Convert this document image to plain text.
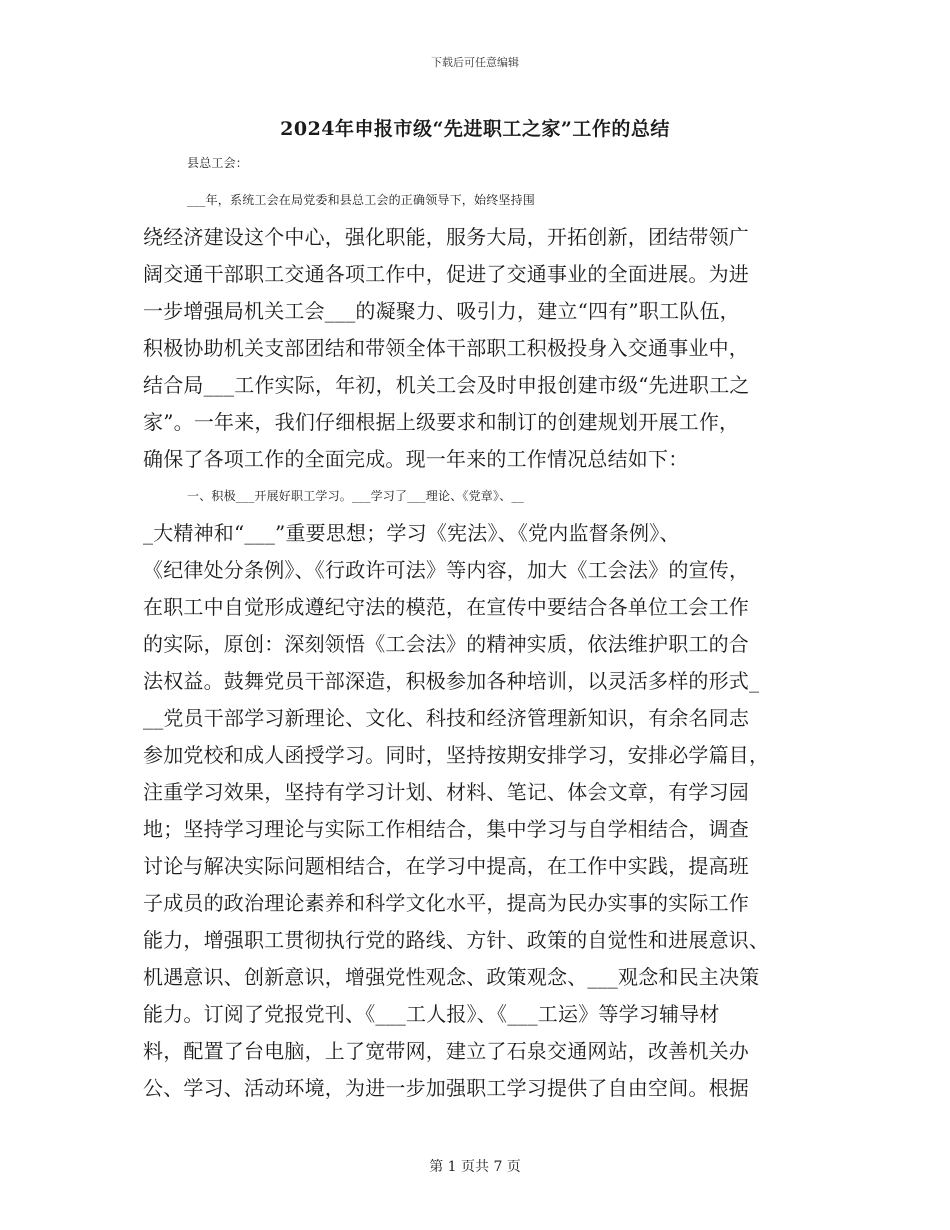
下载后可任意编辑
2024年申报市级“先进职工之家”工作的总结
县总工会：
___年，系统工会在局党委和县总工会的正确领导下，始终坚持围
绕经济建设这个中心，强化职能，服务大局，开拓创新，团结带领广
阔交通干部职工交通各项工作中，促进了交通事业的全面进展。为进
一步增强局机关工会___的凝聚力、吸引力，建立“四有”职工队伍，
积极协助机关支部团结和带领全体干部职工积极投身入交通事业中，
结合局___工作实际，年初，机关工会及时申报创建市级“先进职工之
家”。一年来，我们仔细根据上级要求和制订的创建规划开展工作，
确保了各项工作的全面完成。现一年来的工作情况总结如下：
一、积极___开展好职工学习。___学习了___理论、《党章》、__
_大精神和“___”重要思想；学习《宪法》、《党内监督条例》、
《纪律处分条例》、《行政许可法》等内容，加大《工会法》的宣传，
在职工中自觉形成遵纪守法的模范，在宣传中要结合各单位工会工作
的实际，原创：深刻领悟《工会法》的精神实质，依法维护职工的合
法权益。鼓舞党员干部深造，积极参加各种培训，以灵活多样的形式_
__党员干部学习新理论、文化、科技和经济管理新知识，有余名同志
参加党校和成人函授学习。同时，坚持按期安排学习，安排必学篇目，
注重学习效果，坚持有学习计划、材料、笔记、体会文章，有学习园
地；坚持学习理论与实际工作相结合，集中学习与自学相结合，调查
讨论与解决实际问题相结合，在学习中提高，在工作中实践，提高班
子成员的政治理论素养和科学文化水平，提高为民办实事的实际工作
能力，增强职工贯彻执行党的路线、方针、政策的自觉性和进展意识、
机遇意识、创新意识，增强党性观念、政策观念、___观念和民主决策
能力。订阅了党报党刊、《___工人报》、《___工运》等学习辅导材
料，配置了台电脑，上了宽带网，建立了石泉交通网站，改善机关办
公、学习、活动环境，为进一步加强职工学习提供了自由空间。根据
第 1 页共 7 页
